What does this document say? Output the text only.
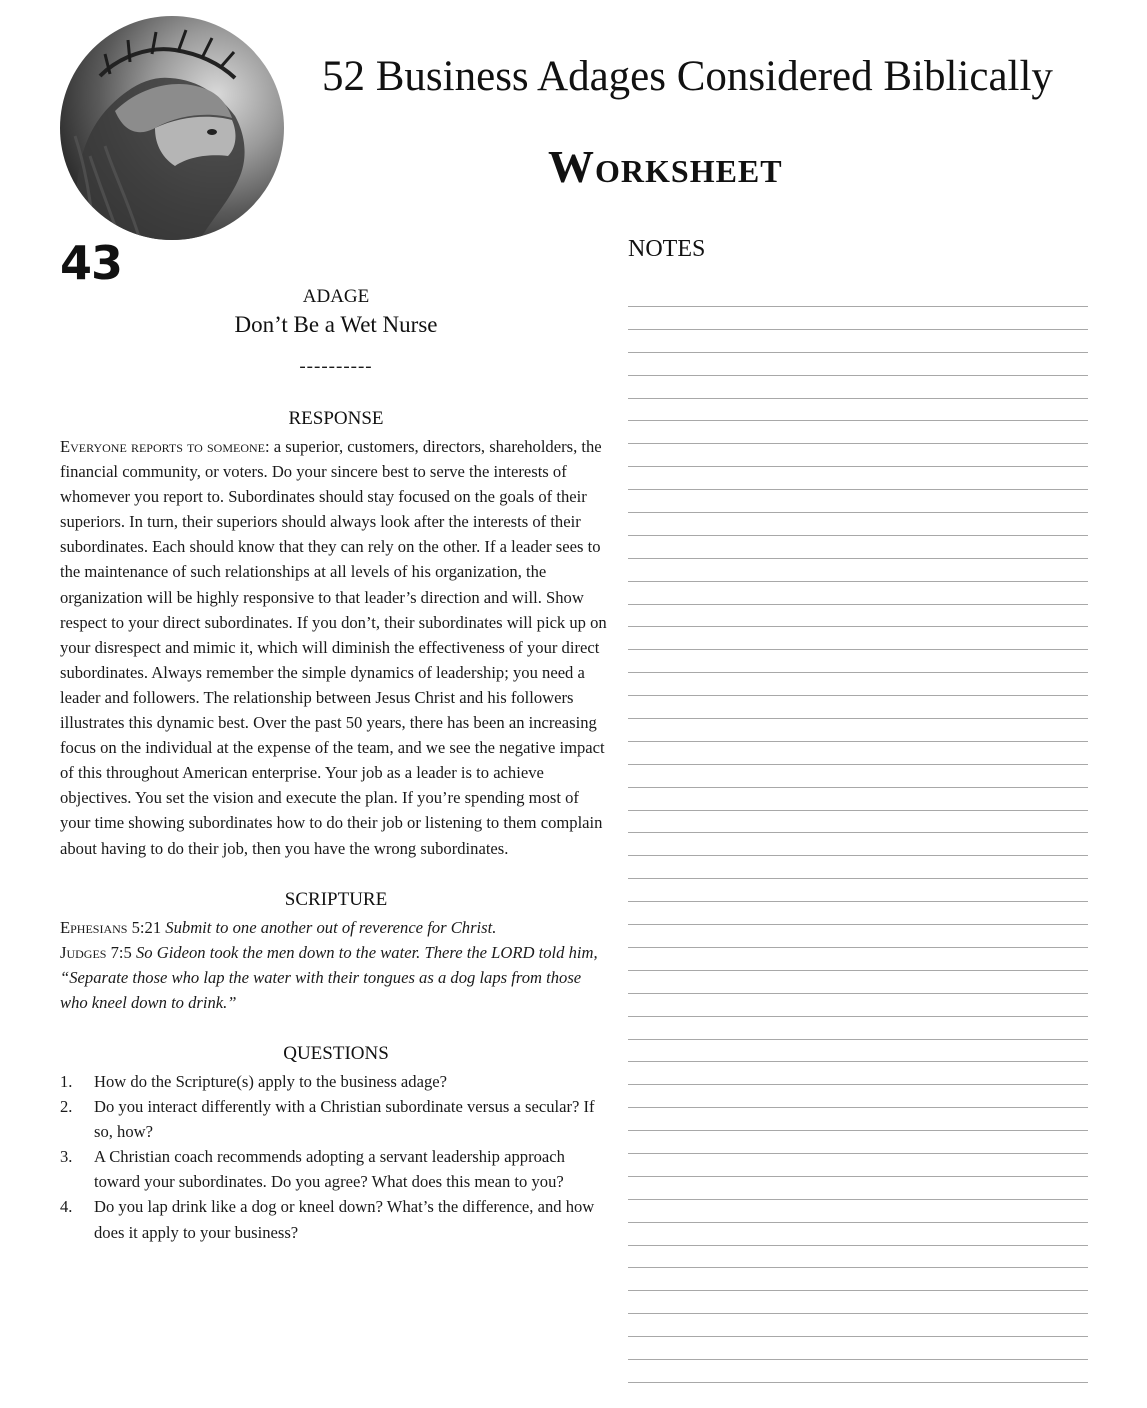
43
52 Business Adages Considered Biblically
Worksheet
NOTES

ADAGE

Don’t Be a Wet Nurse

----------

RESPONSE

Everyone reports to someone: a superior, customers, directors, shareholders, the financial community, or voters. Do your sincere best to serve the interests of whomever you report to. Subordinates should stay focused on the goals of their superiors. In turn, their superiors should always look after the interests of their subordinates. Each should know that they can rely on the other. If a leader sees to the maintenance of such relationships at all levels of his organization, the organization will be highly responsive to that leader’s direction and will. Show respect to your direct subordinates. If you don’t, their subordinates will pick up on your disrespect and mimic it, which will diminish the effectiveness of your direct subordinates. Always remember the simple dynamics of leadership; you need a leader and followers. The relationship between Jesus Christ and his followers illustrates this dynamic best. Over the past 50 years, there has been an increasing focus on the individual at the expense of the team, and we see the negative impact of this throughout American enterprise. Your job as a leader is to achieve objectives. You set the vision and execute the plan. If you’re spending most of your time showing subordinates how to do their job or listening to them complain about having to do their job, then you have the wrong subordinates.

SCRIPTURE

Ephesians 5:21 Submit to one another out of reverence for Christ.
Judges 7:5 So Gideon took the men down to the water. There the LORD told him, “Separate those who lap the water with their tongues as a dog laps from those who kneel down to drink.”

QUESTIONS

1. How do the Scripture(s) apply to the business adage?
2. Do you interact differently with a Christian subordinate versus a secular? If so, how?
3. A Christian coach recommends adopting a servant leadership approach toward your subordinates. Do you agree? What does this mean to you?
4. Do you lap drink like a dog or kneel down? What’s the difference, and how does it apply to your business?
